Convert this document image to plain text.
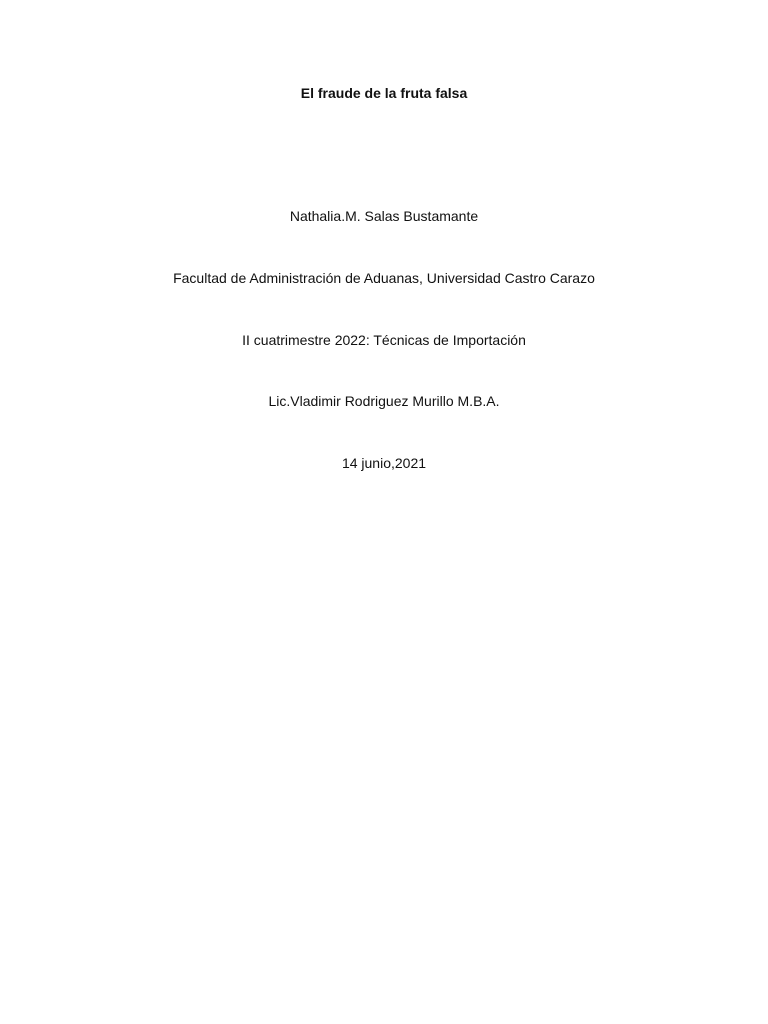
El fraude de la fruta falsa
Nathalia.M. Salas Bustamante
Facultad de Administración de Aduanas, Universidad Castro Carazo
II cuatrimestre 2022: Técnicas de Importación
Lic.Vladimir Rodriguez Murillo M.B.A.
14 junio,2021
